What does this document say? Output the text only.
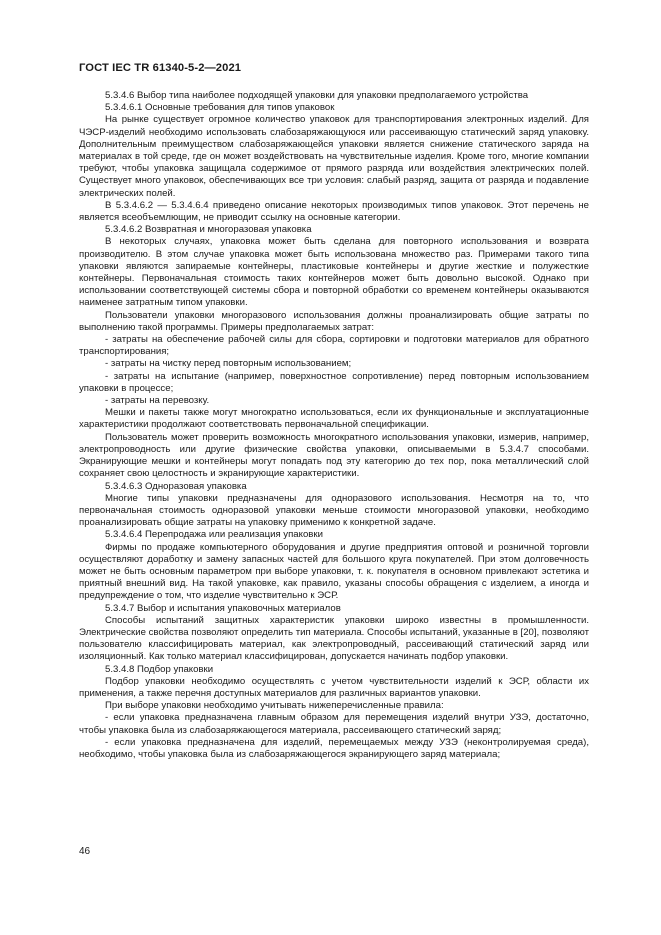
ГОСТ IEC TR 61340-5-2—2021

5.3.4.6 Выбор типа наиболее подходящей упаковки для упаковки предполагаемого устройства

5.3.4.6.1 Основные требования для типов упаковок

На рынке существует огромное количество упаковок для транспортирования электронных изделий. Для ЧЭСР-изделий необходимо использовать слабозаряжающуюся или рассеивающую статический заряд упаковку. Дополнительным преимуществом слабозаряжающейся упаковки является снижение статического заряда на материалах в той среде, где он может воздействовать на чувствительные изделия. Кроме того, многие компании требуют, чтобы упаковка защищала содержимое от прямого разряда или воздействия электрических полей. Существует много упаковок, обеспечивающих все три условия: слабый разряд, защита от разряда и подавление электрических полей.

В 5.3.4.6.2 — 5.3.4.6.4 приведено описание некоторых производимых типов упаковок. Этот перечень не является всеобъемлющим, не приводит ссылку на основные категории.

5.3.4.6.2 Возвратная и многоразовая упаковка

В некоторых случаях, упаковка может быть сделана для повторного использования и возврата производителю. В этом случае упаковка может быть использована множество раз. Примерами такого типа упаковки являются запираемые контейнеры, пластиковые контейнеры и другие жесткие и полужесткие контейнеры. Первоначальная стоимость таких контейнеров может быть довольно высокой. Однако при использовании соответствующей системы сбора и повторной обработки со временем контейнеры оказываются наименее затратным типом упаковки.

Пользователи упаковки многоразового использования должны проанализировать общие затраты по выполнению такой программы. Примеры предполагаемых затрат:

- затраты на обеспечение рабочей силы для сбора, сортировки и подготовки материалов для обратного транспортирования;

- затраты на чистку перед повторным использованием;

- затраты на испытание (например, поверхностное сопротивление) перед повторным использованием упаковки в процессе;

- затраты на перевозку.

Мешки и пакеты также могут многократно использоваться, если их функциональные и эксплуатационные характеристики продолжают соответствовать первоначальной спецификации.

Пользователь может проверить возможность многократного использования упаковки, измерив, например, электропроводность или другие физические свойства упаковки, описываемыми в 5.3.4.7 способами. Экранирующие мешки и контейнеры могут попадать под эту категорию до тех пор, пока металлический слой сохраняет свою целостность и экранирующие характеристики.

5.3.4.6.3 Одноразовая упаковка

Многие типы упаковки предназначены для одноразового использования. Несмотря на то, что первоначальная стоимость одноразовой упаковки меньше стоимости многоразовой упаковки, необходимо проанализировать общие затраты на упаковку применимо к конкретной задаче.

5.3.4.6.4 Перепродажа или реализация упаковки

Фирмы по продаже компьютерного оборудования и другие предприятия оптовой и розничной торговли осуществляют доработку и замену запасных частей для большого круга покупателей. При этом долговечность может не быть основным параметром при выборе упаковки, т. к. покупателя в основном привлекают эстетика и приятный внешний вид. На такой упаковке, как правило, указаны способы обращения с изделием, а иногда и предупреждение о том, что изделие чувствительно к ЭСР.

5.3.4.7 Выбор и испытания упаковочных материалов

Способы испытаний защитных характеристик упаковки широко известны в промышленности. Электрические свойства позволяют определить тип материала. Способы испытаний, указанные в [20], позволяют пользователю классифицировать материал, как электропроводный, рассеивающий статический заряд или изоляционный. Как только материал классифицирован, допускается начинать подбор упаковки.

5.3.4.8 Подбор упаковки

Подбор упаковки необходимо осуществлять с учетом чувствительности изделий к ЭСР, области их применения, а также перечня доступных материалов для различных вариантов упаковки.

При выборе упаковки необходимо учитывать нижеперечисленные правила:

- если упаковка предназначена главным образом для перемещения изделий внутри УЗЭ, достаточно, чтобы упаковка была из слабозаряжающегося материала, рассеивающего статический заряд;

- если упаковка предназначена для изделий, перемещаемых между УЗЭ (неконтролируемая среда), необходимо, чтобы упаковка была из слабозаряжающегося экранирующего заряд материала;

46
